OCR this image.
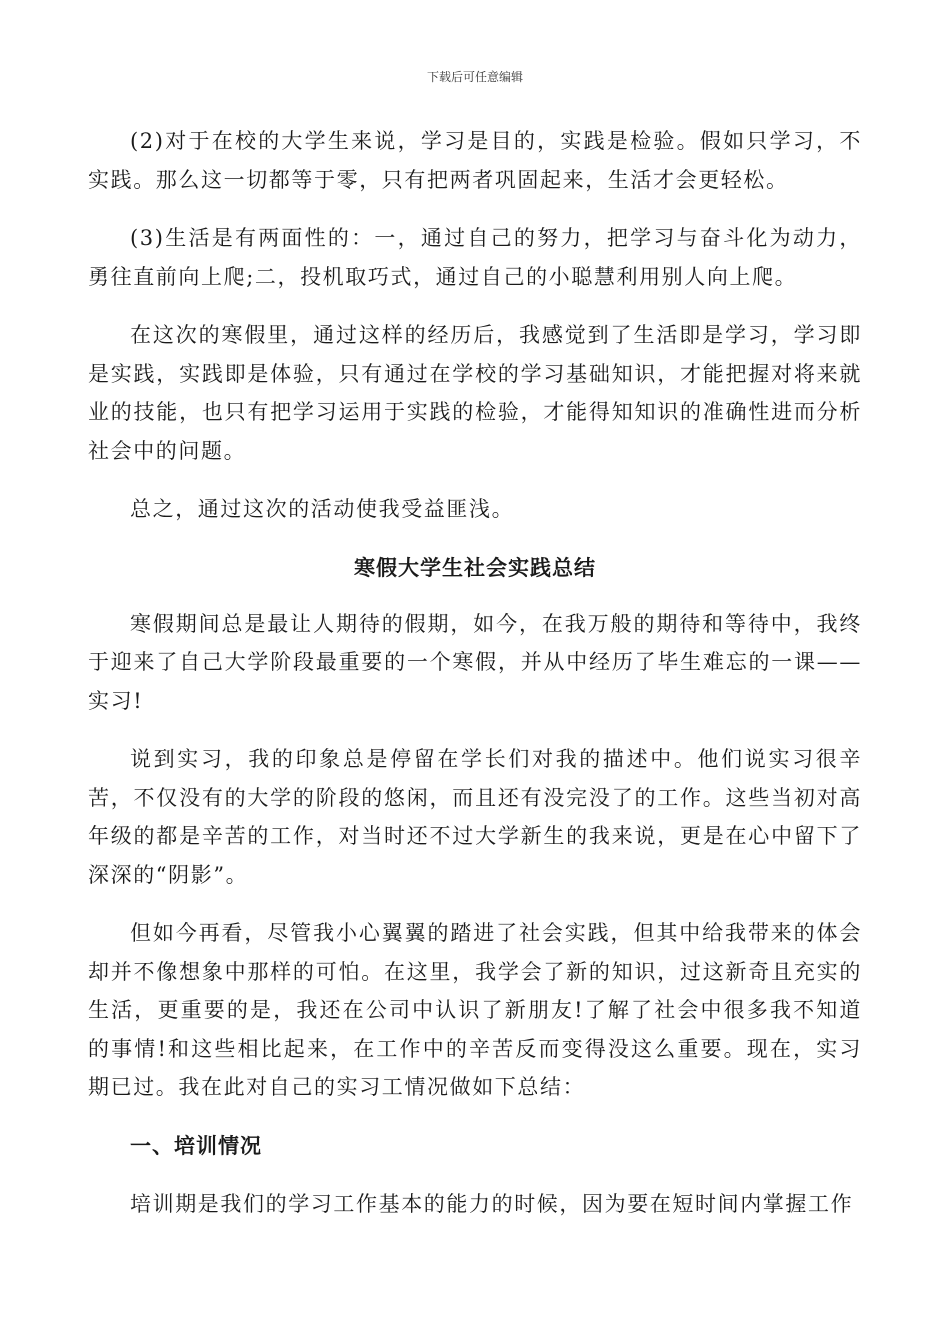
下载后可任意编辑

(2)对于在校的大学生来说，学习是目的，实践是检验。假如只学习，不实践。那么这一切都等于零，只有把两者巩固起来，生活才会更轻松。

(3)生活是有两面性的：一，通过自己的努力，把学习与奋斗化为动力，勇往直前向上爬;二，投机取巧式，通过自己的小聪慧利用别人向上爬。

在这次的寒假里，通过这样的经历后，我感觉到了生活即是学习，学习即是实践，实践即是体验，只有通过在学校的学习基础知识，才能把握对将来就业的技能，也只有把学习运用于实践的检验，才能得知知识的准确性进而分析社会中的问题。

总之，通过这次的活动使我受益匪浅。

寒假大学生社会实践总结

寒假期间总是最让人期待的假期，如今，在我万般的期待和等待中，我终于迎来了自己大学阶段最重要的一个寒假，并从中经历了毕生难忘的一课——实习!

说到实习，我的印象总是停留在学长们对我的描述中。他们说实习很辛苦，不仅没有的大学的阶段的悠闲，而且还有没完没了的工作。这些当初对高年级的都是辛苦的工作，对当时还不过大学新生的我来说，更是在心中留下了深深的“阴影”。

但如今再看，尽管我小心翼翼的踏进了社会实践，但其中给我带来的体会却并不像想象中那样的可怕。在这里，我学会了新的知识，过这新奇且充实的生活，更重要的是，我还在公司中认识了新朋友!了解了社会中很多我不知道的事情!和这些相比起来，在工作中的辛苦反而变得没这么重要。现在，实习期已过。我在此对自己的实习工情况做如下总结：

一、培训情况

培训期是我们的学习工作基本的能力的时候，因为要在短时间内掌握工作
